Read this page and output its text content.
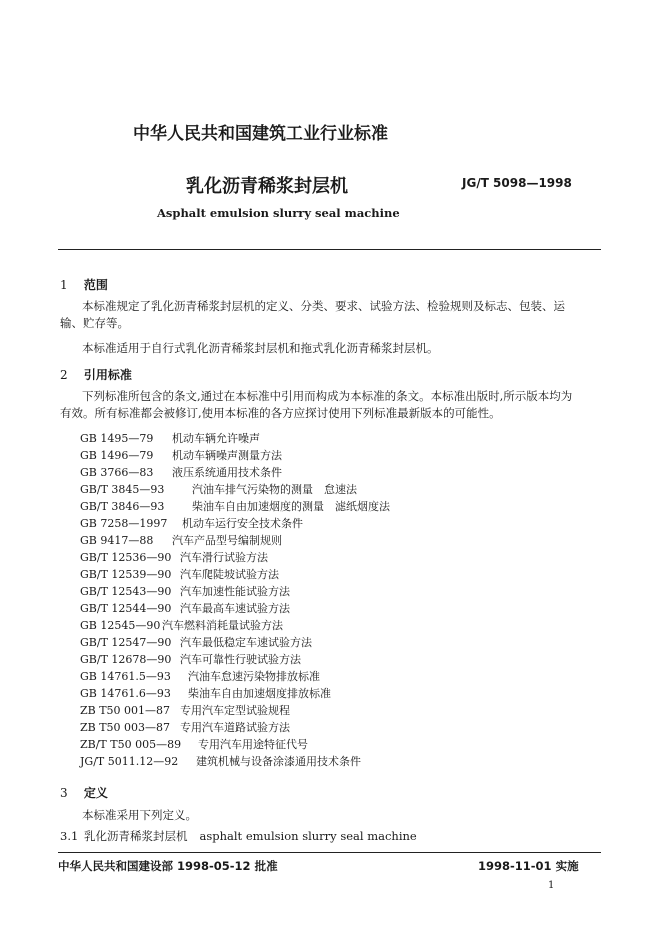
中华人民共和国建筑工业行业标准
乳化沥青稀浆封层机	JG/T 5098—1998
Asphalt emulsion slurry seal machine
1 范围
本标准规定了乳化沥青稀浆封层机的定义、分类、要求、试验方法、检验规则及标志、包装、运输、贮存等。
本标准适用于自行式乳化沥青稀浆封层机和拖式乳化沥青稀浆封层机。
2 引用标准
下列标准所包含的条文,通过在本标准中引用而构成为本标准的条文。本标准出版时,所示版本均为有效。所有标准都会被修订,使用本标准的各方应探讨使用下列标准最新版本的可能性。
GB 1495—79 机动车辆允许噪声
GB 1496—79 机动车辆噪声测量方法
GB 3766—83 液压系统通用技术条件
GB/T 3845—93	汽油车排气污染物的测量　怠速法
GB/T 3846—93	柴油车自由加速烟度的测量　滤纸烟度法
GB 7258—1997 机动车运行安全技术条件
GB 9417—88 汽车产品型号编制规则
GB/T 12536—90 汽车滑行试验方法
GB/T 12539—90 汽车爬陡坡试验方法
GB/T 12543—90 汽车加速性能试验方法
GB/T 12544—90 汽车最高车速试验方法
GB 12545—90 汽车燃料消耗量试验方法
GB/T 12547—90 汽车最低稳定车速试验方法
GB/T 12678—90 汽车可靠性行驶试验方法
GB 14761.5—93 汽油车怠速污染物排放标准
GB 14761.6—93 柴油车自由加速烟度排放标准
ZB T50 001—87 专用汽车定型试验规程
ZB T50 003—87 专用汽车道路试验方法
ZB/T T50 005—89 专用汽车用途特征代号
JG/T 5011.12—92 建筑机械与设备涂漆通用技术条件
3 定义
本标准采用下列定义。
3.1 乳化沥青稀浆封层机 asphalt emulsion slurry seal machine
中华人民共和国建设部 1998-05-12 批准	1998-11-01 实施
1
